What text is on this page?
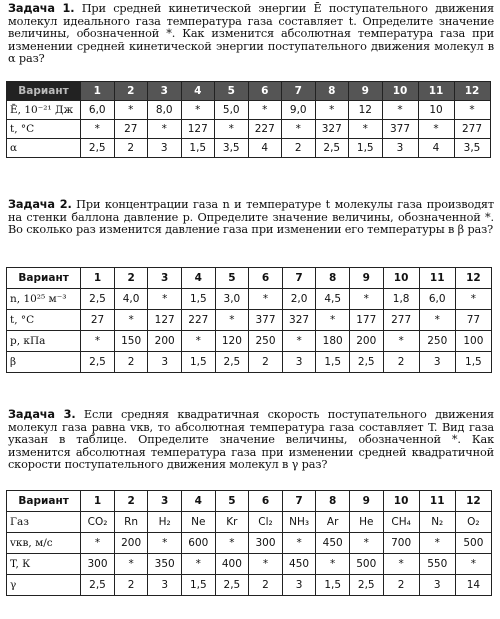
Задача 1. При средней кинетической энергии Ē поступательного движения молекул идеального газа температура газа составляет t. Определите значение величины, обозначенной *. Как изменится абсолютная температура газа при изменении средней кинетической энергии поступательного движения молекул в α раз?

Вариант	1	2	3	4	5	6	7	8	9	10	11	12
Ē, 10⁻²¹ Дж	6,0	*	8,0	*	5,0	*	9,0	*	12	*	10	*
t, °C	*	27	*	127	*	227	*	327	*	377	*	277
α	2,5	2	3	1,5	3,5	4	2	2,5	1,5	3	4	3,5

Задача 2. При концентрации газа n и температуре t молекулы газа производят на стенки баллона давление p. Определите значение величины, обозначенной *. Во сколько раз изменится давление газа при изменении его температуры в β раз?

Вариант	1	2	3	4	5	6	7	8	9	10	11	12
n, 10²⁵ м⁻³	2,5	4,0	*	1,5	3,0	*	2,0	4,5	*	1,8	6,0	*
t, °C	27	*	127	227	*	377	327	*	177	277	*	77
p, кПа	*	150	200	*	120	250	*	180	200	*	250	100
β	2,5	2	3	1,5	2,5	2	3	1,5	2,5	2	3	1,5

Задача 3. Если средняя квадратичная скорость поступательного движения молекул газа равна vкв, то абсолютная температура газа составляет T. Вид газа указан в таблице. Определите значение величины, обозначенной *. Как изменится абсолютная температура газа при изменении средней квадратичной скорости поступательного движения молекул в γ раз?

Вариант	1	2	3	4	5	6	7	8	9	10	11	12
Газ	CO₂	Rn	H₂	Ne	Kr	Cl₂	NH₃	Ar	He	CH₄	N₂	O₂
vкв, м/с	*	200	*	600	*	300	*	450	*	700	*	500
T, К	300	*	350	*	400	*	450	*	500	*	550	*
γ	2,5	2	3	1,5	2,5	2	3	1,5	2,5	2	3	14
